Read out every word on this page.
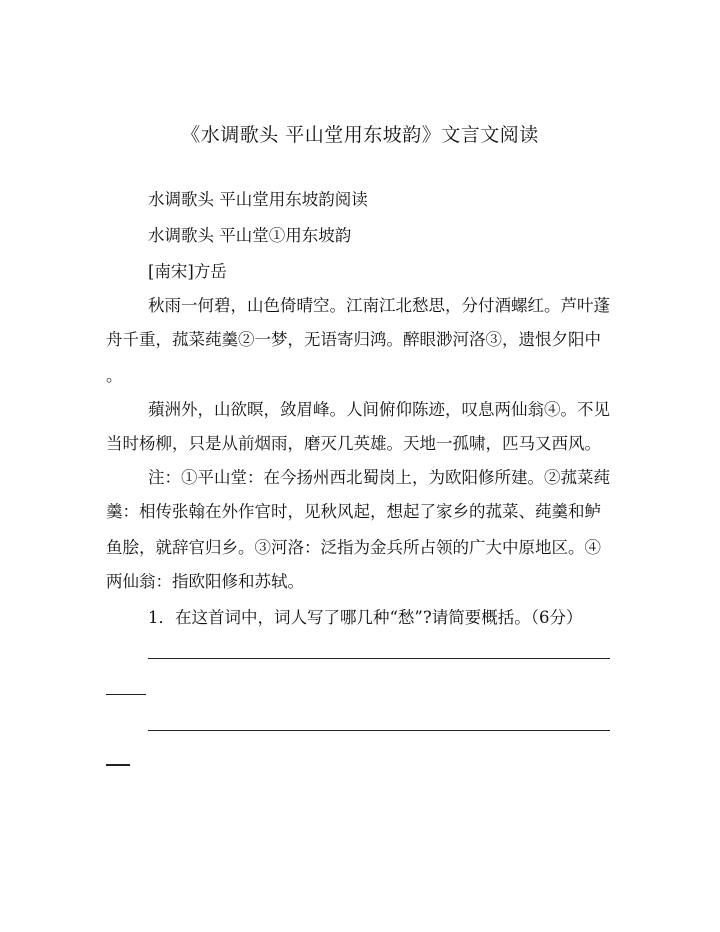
《水调歌头 平山堂用东坡韵》文言文阅读
水调歌头 平山堂用东坡韵阅读
水调歌头 平山堂①用东坡韵
[南宋]方岳
秋雨一何碧，山色倚晴空。江南江北愁思，分付酒螺红。芦叶蓬
舟千重，菰菜莼羹②一梦，无语寄归鸿。醉眼渺河洛③，遗恨夕阳中
。
蘋洲外，山欲暝，敛眉峰。人间俯仰陈迹，叹息两仙翁④。不见
当时杨柳，只是从前烟雨，磨灭几英雄。天地一孤啸，匹马又西风。
注：①平山堂：在今扬州西北蜀岗上，为欧阳修所建。②菰菜莼
羹：相传张翰在外作官时，见秋风起，想起了家乡的菰菜、莼羹和鲈
鱼脍，就辞官归乡。③河洛：泛指为金兵所占领的广大中原地区。④
两仙翁：指欧阳修和苏轼。
1．在这首词中，词人写了哪几种“愁”?请简要概括。（6分）
